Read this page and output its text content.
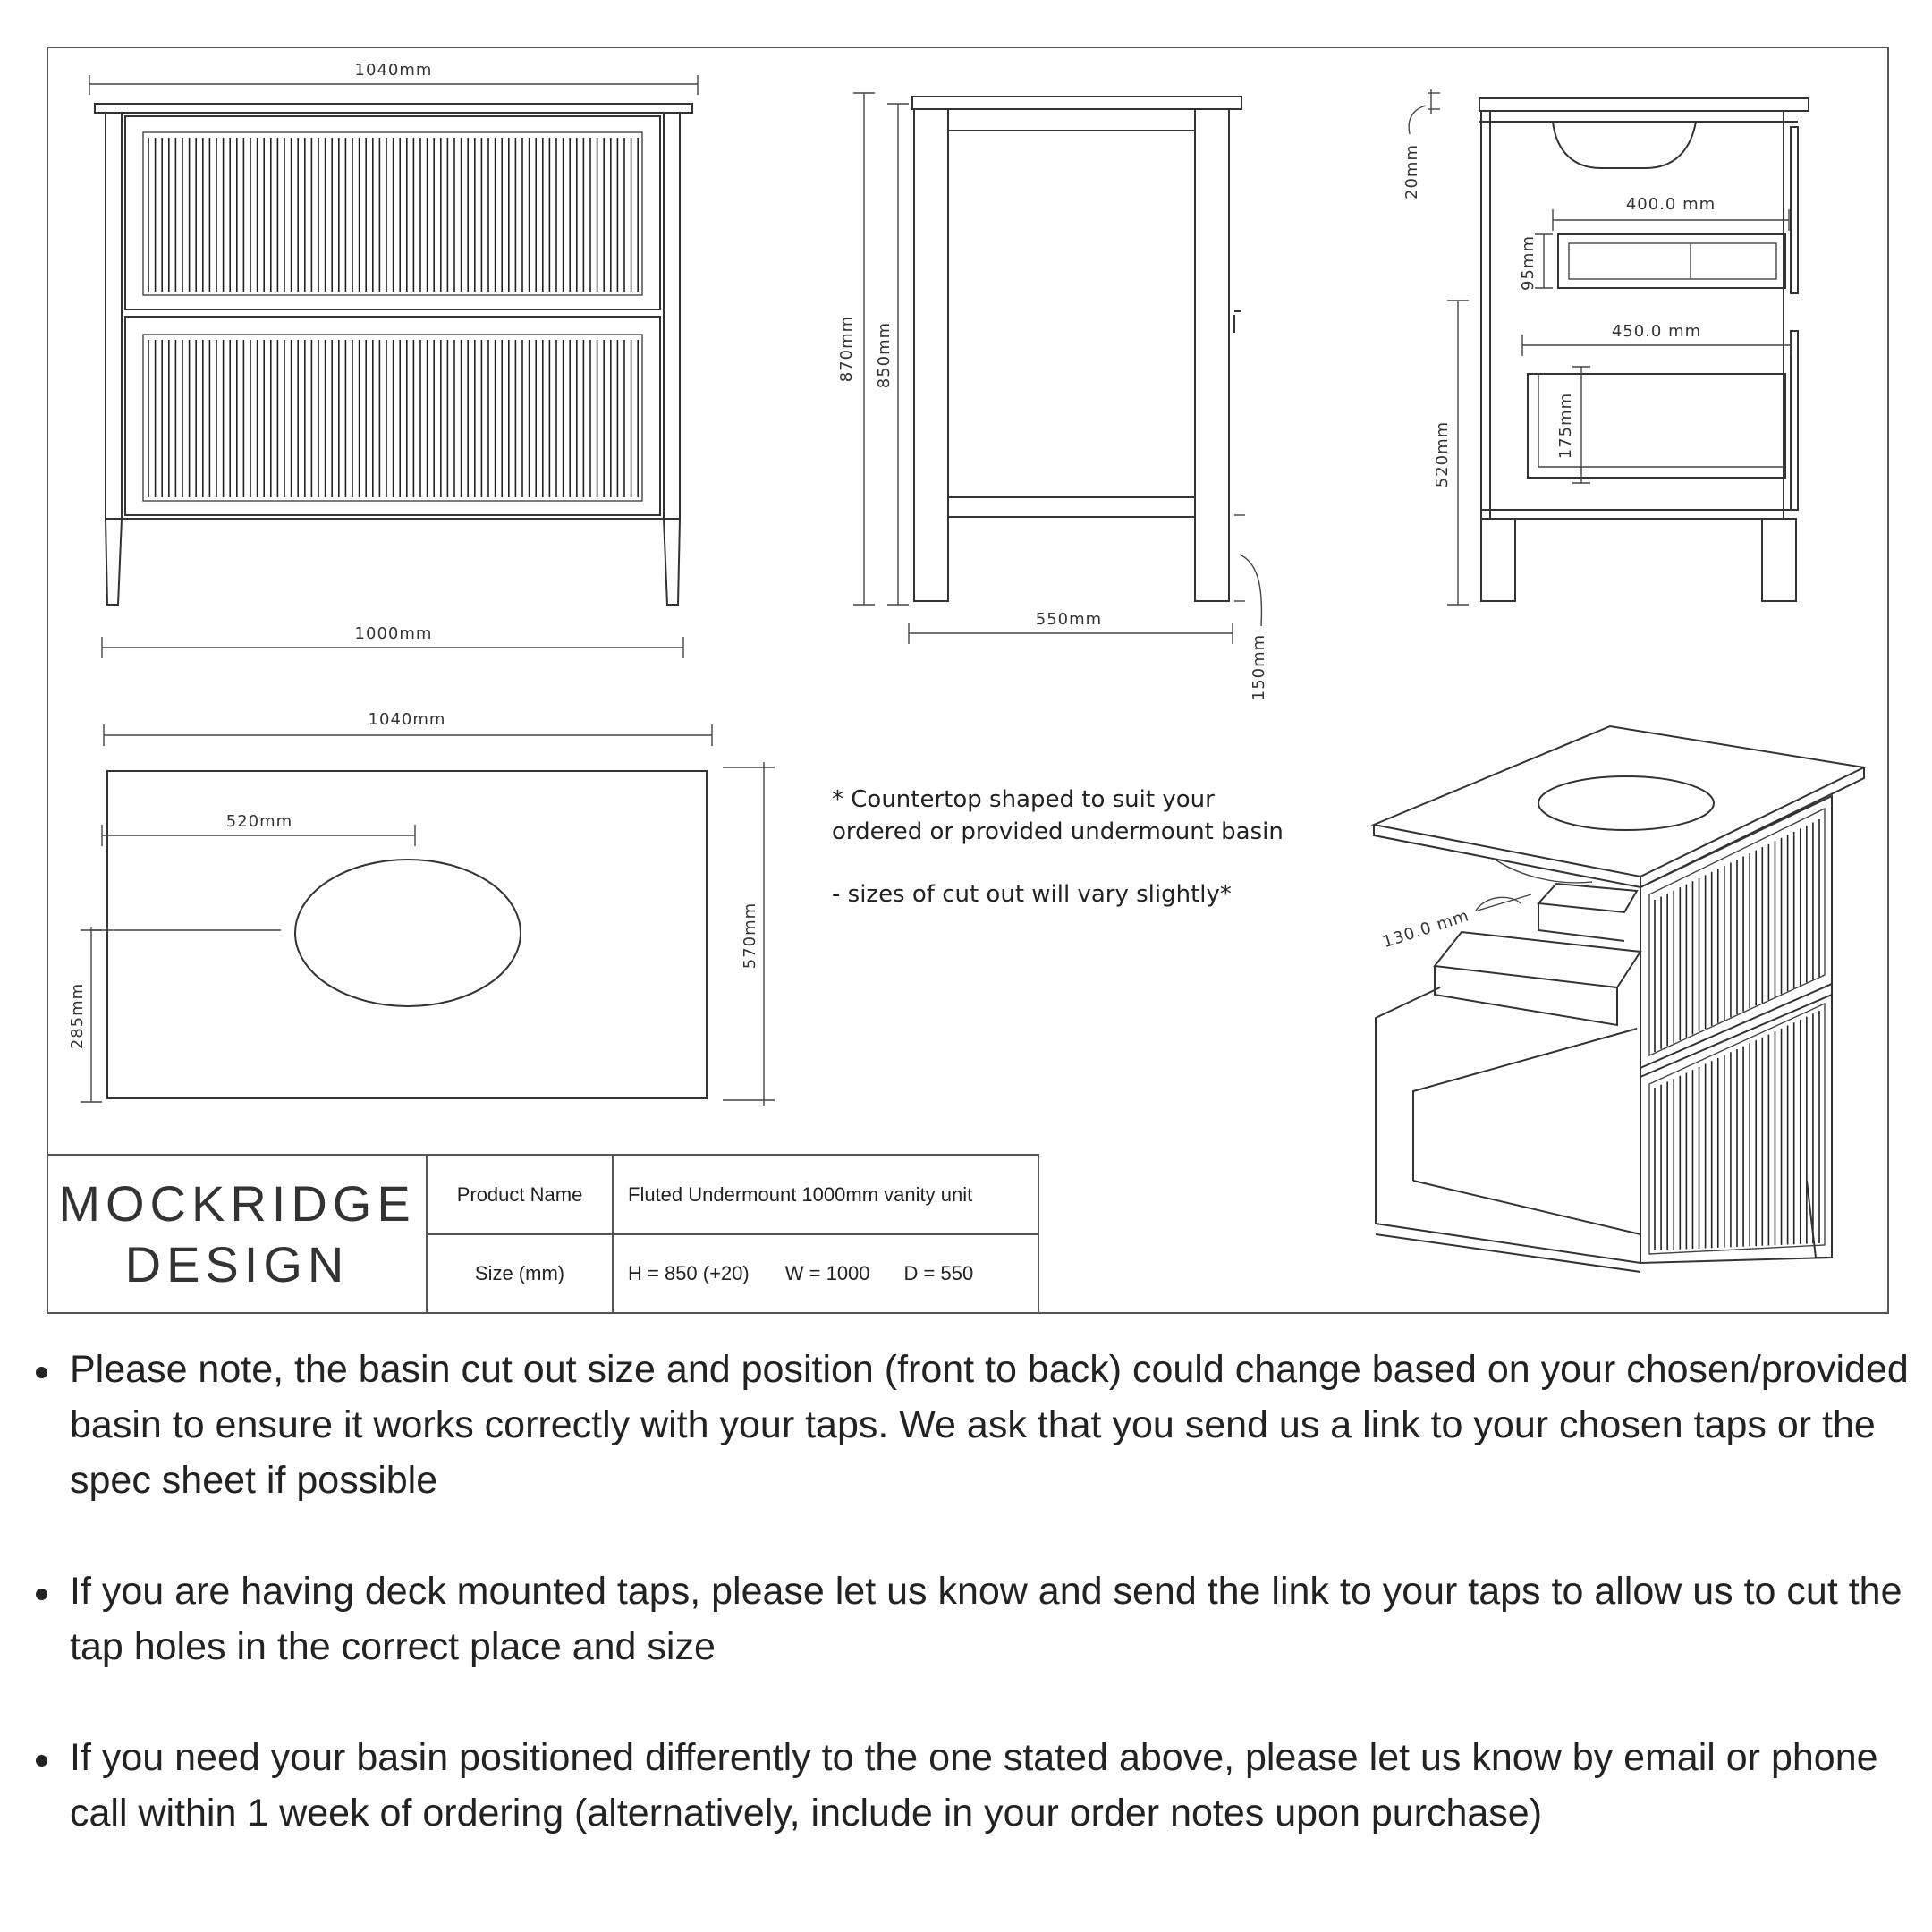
1040mm
1000mm
870mm 850mm
150mm
550mm
20mm
400.0 mm
95mm
450.0 mm
175mm
520mm
1040mm
520mm
285mm
570mm
* Countertop shaped to suit your
ordered or provided undermount basin
- sizes of cut out will vary slightly*
130.0 mm
MOCKRIDGE
DESIGN
Product Name	Fluted Undermount 1000mm vanity unit
Size (mm)	H = 850 (+20) W = 1000 D = 550
Please note, the basin cut out size and position (front to back) could change based on your chosen/provided basin to ensure it works correctly with your taps. We ask that you send us a link to your chosen taps or the spec sheet if possible
If you are having deck mounted taps, please let us know and send the link to your taps to allow us to cut the tap holes in the correct place and size
If you need your basin positioned differently to the one stated above, please let us know by email or phone call within 1 week of ordering (alternatively, include in your order notes upon purchase)
